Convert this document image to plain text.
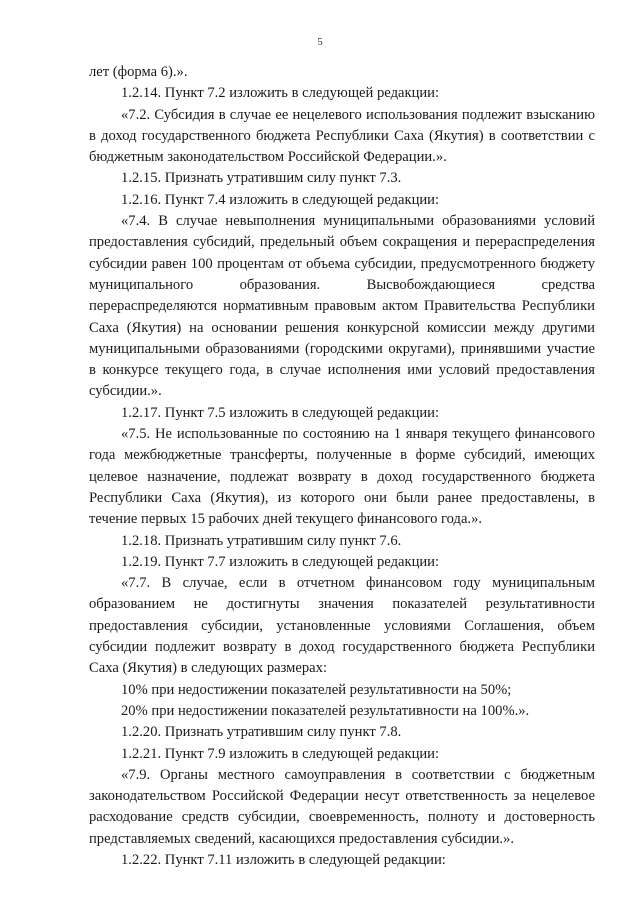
5

лет (форма 6).».

1.2.14. Пункт 7.2 изложить в следующей редакции:

«7.2. Субсидия в случае ее нецелевого использования подлежит взысканию в доход государственного бюджета Республики Саха (Якутия) в соответствии с бюджетным законодательством Российской Федерации.».

1.2.15. Признать утратившим силу пункт 7.3.

1.2.16. Пункт 7.4 изложить в следующей редакции:

«7.4. В случае невыполнения муниципальными образованиями условий предоставления субсидий, предельный объем сокращения и перераспределения субсидии равен 100 процентам от объема субсидии, предусмотренного бюджету муниципального образования. Высвобождающиеся средства перераспределяются нормативным правовым актом Правительства Республики Саха (Якутия) на основании решения конкурсной комиссии между другими муниципальными образованиями (городскими округами), принявшими участие в конкурсе текущего года, в случае исполнения ими условий предоставления субсидии.».

1.2.17. Пункт 7.5 изложить в следующей редакции:

«7.5. Не использованные по состоянию на 1 января текущего финансового года межбюджетные трансферты, полученные в форме субсидий, имеющих целевое назначение, подлежат возврату в доход государственного бюджета Республики Саха (Якутия), из которого они были ранее предоставлены, в течение первых 15 рабочих дней текущего финансового года.».

1.2.18. Признать утратившим силу пункт 7.6.

1.2.19. Пункт 7.7 изложить в следующей редакции:

«7.7. В случае, если в отчетном финансовом году муниципальным образованием не достигнуты значения показателей результативности предоставления субсидии, установленные условиями Соглашения, объем субсидии подлежит возврату в доход государственного бюджета Республики Саха (Якутия) в следующих размерах:

10% при недостижении показателей результативности на 50%;

20% при недостижении показателей результативности на 100%.».

1.2.20. Признать утратившим силу пункт 7.8.

1.2.21. Пункт 7.9 изложить в следующей редакции:

«7.9. Органы местного самоуправления в соответствии с бюджетным законодательством Российской Федерации несут ответственность за нецелевое расходование средств субсидии, своевременность, полноту и достоверность представляемых сведений, касающихся предоставления субсидии.».

1.2.22. Пункт 7.11 изложить в следующей редакции:
